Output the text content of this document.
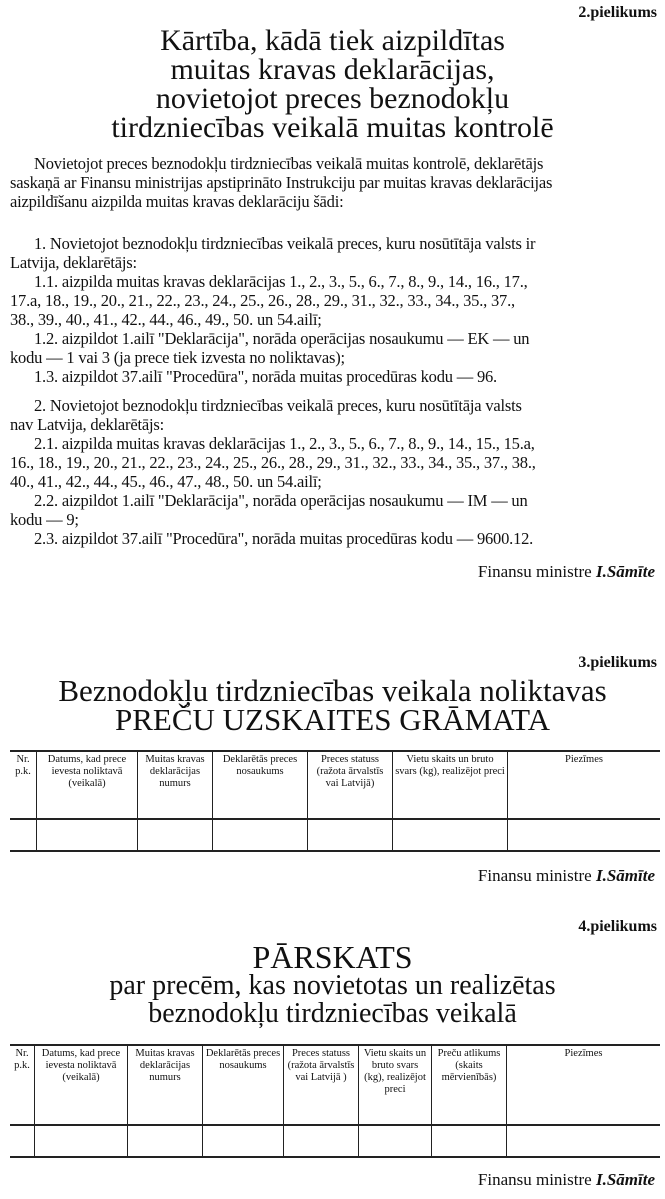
2.pielikums
Kārtība, kādā tiek aizpildītas
muitas kravas deklarācijas,
novietojot preces beznodokļu
tirdzniecības veikalā muitas kontrolē
Novietojot preces beznodokļu tirdzniecības veikalā muitas kontrolē, deklarētājs
saskaņā ar Finansu ministrijas apstiprināto Instrukciju par muitas kravas deklarācijas
aizpildīšanu aizpilda muitas kravas deklarāciju šādi:
1. Novietojot beznodokļu tirdzniecības veikalā preces, kuru nosūtītāja valsts ir
Latvija, deklarētājs:
1.1. aizpilda muitas kravas deklarācijas 1., 2., 3., 5., 6., 7., 8., 9., 14., 16., 17.,
17.a, 18., 19., 20., 21., 22., 23., 24., 25., 26., 28., 29., 31., 32., 33., 34., 35., 37.,
38., 39., 40., 41., 42., 44., 46., 49., 50. un 54.ailī;
1.2. aizpildot 1.ailī "Deklarācija", norāda operācijas nosaukumu — EK — un
kodu — 1 vai 3 (ja prece tiek izvesta no noliktavas);
1.3. aizpildot 37.ailī "Procedūra", norāda muitas procedūras kodu — 96.
2. Novietojot beznodokļu tirdzniecības veikalā preces, kuru nosūtītāja valsts
nav Latvija, deklarētājs:
2.1. aizpilda muitas kravas deklarācijas 1., 2., 3., 5., 6., 7., 8., 9., 14., 15., 15.a,
16., 18., 19., 20., 21., 22., 23., 24., 25., 26., 28., 29., 31., 32., 33., 34., 35., 37., 38.,
40., 41., 42., 44., 45., 46., 47., 48., 50. un 54.ailī;
2.2. aizpildot 1.ailī "Deklarācija", norāda operācijas nosaukumu — IM — un
kodu — 9;
2.3. aizpildot 37.ailī "Procedūra", norāda muitas procedūras kodu — 9600.12.
Finansu ministre I.Sāmīte
3.pielikums
Beznodokļu tirdzniecības veikala noliktavas
PREČU UZSKAITES GRĀMATA
Nr. p.k.	Datums, kad prece ievesta noliktavā (veikalā)	Muitas kravas deklarācijas numurs	Deklarētās preces nosaukums	Preces statuss (ražota ārvalstīs vai Latvijā)	Vietu skaits un bruto svars (kg), realizējot preci	Piezīmes

Finansu ministre I.Sāmīte
4.pielikums
PĀRSKATS
par precēm, kas novietotas un realizētas
beznodokļu tirdzniecības veikalā
Nr. p.k.	Datums, kad prece ievesta noliktavā (veikalā)	Muitas kravas deklarācijas numurs	Deklarētās preces nosaukums	Preces statuss (ražota ārvalstīs vai Latvijā )	Vietu skaits un bruto svars (kg), realizējot preci	Preču atlikums (skaits mērvienībās)	Piezīmes

Finansu ministre I.Sāmīte
